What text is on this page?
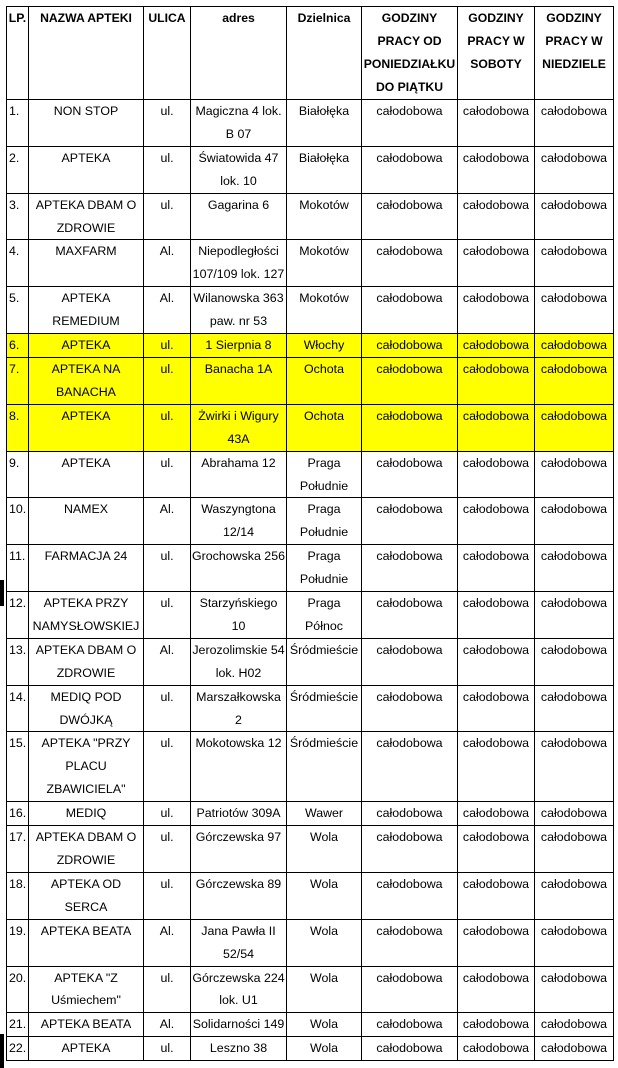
LP.	NAZWA APTEKI	ULICA	adres	Dzielnica	GODZINY PRACY OD PONIEDZIAŁKU DO PIĄTKU	GODZINY PRACY W SOBOTY	GODZINY PRACY W NIEDZIELE
1.	NON STOP	ul.	Magiczna 4 lok. B 07	Białołęka	całodobowa	całodobowa	całodobowa
2.	APTEKA	ul.	Światowida 47 lok. 10	Białołęka	całodobowa	całodobowa	całodobowa
3.	APTEKA DBAM O ZDROWIE	ul.	Gagarina 6	Mokotów	całodobowa	całodobowa	całodobowa
4.	MAXFARM	Al.	Niepodległości 107/109 lok. 127	Mokotów	całodobowa	całodobowa	całodobowa
5.	APTEKA REMEDIUM	Al.	Wilanowska 363 paw. nr 53	Mokotów	całodobowa	całodobowa	całodobowa
6.	APTEKA	ul.	1 Sierpnia 8	Włochy	całodobowa	całodobowa	całodobowa
7.	APTEKA NA BANACHA	ul.	Banacha 1A	Ochota	całodobowa	całodobowa	całodobowa
8.	APTEKA	ul.	Żwirki i Wigury 43A	Ochota	całodobowa	całodobowa	całodobowa
9.	APTEKA	ul.	Abrahama 12	Praga Południe	całodobowa	całodobowa	całodobowa
10.	NAMEX	Al.	Waszyngtona 12/14	Praga Południe	całodobowa	całodobowa	całodobowa
11.	FARMACJA 24	ul.	Grochowska 256	Praga Południe	całodobowa	całodobowa	całodobowa
12.	APTEKA PRZY NAMYSŁOWSKIEJ	ul.	Starzyńskiego 10	Praga Północ	całodobowa	całodobowa	całodobowa
13.	APTEKA DBAM O ZDROWIE	Al.	Jerozolimskie 54 lok. H02	Śródmieście	całodobowa	całodobowa	całodobowa
14.	MEDIQ POD DWÓJKĄ	ul.	Marszałkowska 2	Śródmieście	całodobowa	całodobowa	całodobowa
15.	APTEKA "PRZY PLACU ZBAWICIELA"	ul.	Mokotowska 12	Śródmieście	całodobowa	całodobowa	całodobowa
16.	MEDIQ	ul.	Patriotów 309A	Wawer	całodobowa	całodobowa	całodobowa
17.	APTEKA DBAM O ZDROWIE	ul.	Górczewska 97	Wola	całodobowa	całodobowa	całodobowa
18.	APTEKA OD SERCA	ul.	Górczewska 89	Wola	całodobowa	całodobowa	całodobowa
19.	APTEKA BEATA	Al.	Jana Pawła II 52/54	Wola	całodobowa	całodobowa	całodobowa
20.	APTEKA "Z Uśmiechem"	ul.	Górczewska 224 lok. U1	Wola	całodobowa	całodobowa	całodobowa
21.	APTEKA BEATA	Al.	Solidarności 149	Wola	całodobowa	całodobowa	całodobowa
22.	APTEKA	ul.	Leszno 38	Wola	całodobowa	całodobowa	całodobowa
